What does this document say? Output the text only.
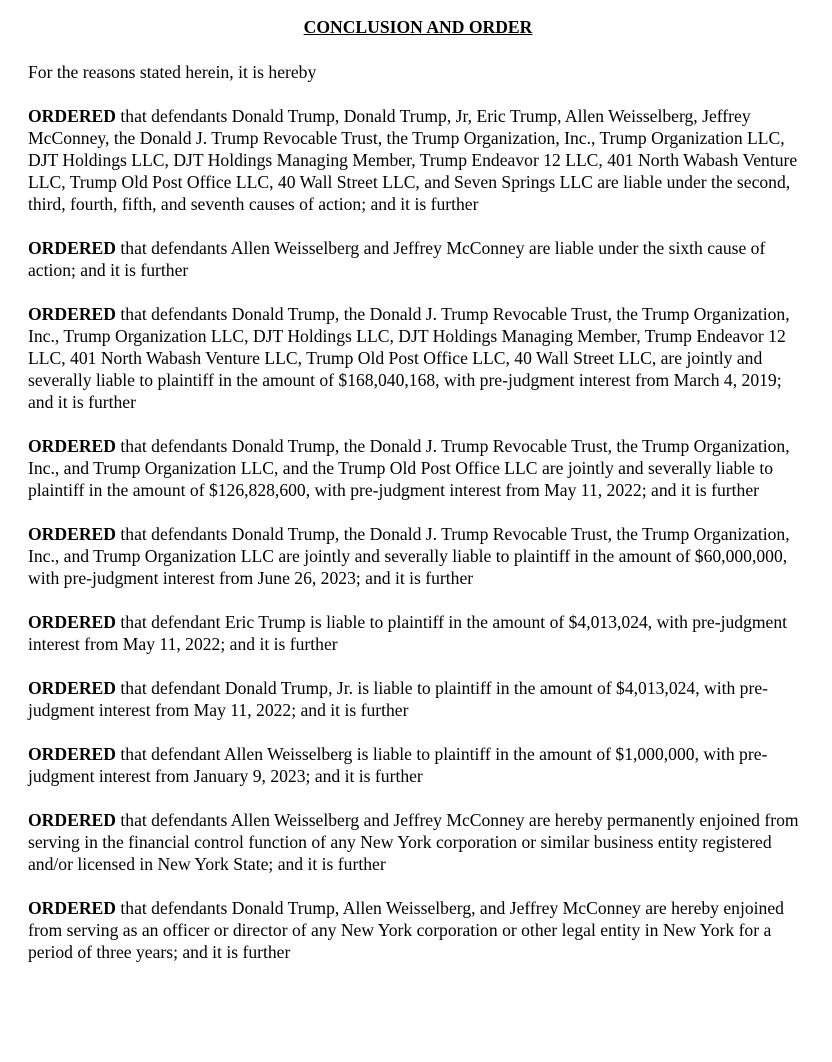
CONCLUSION AND ORDER
For the reasons stated herein, it is hereby
ORDERED that defendants Donald Trump, Donald Trump, Jr, Eric Trump, Allen Weisselberg, Jeffrey McConney, the Donald J. Trump Revocable Trust, the Trump Organization, Inc., Trump Organization LLC, DJT Holdings LLC, DJT Holdings Managing Member, Trump Endeavor 12 LLC, 401 North Wabash Venture LLC, Trump Old Post Office LLC, 40 Wall Street LLC, and Seven Springs LLC are liable under the second, third, fourth, fifth, and seventh causes of action; and it is further
ORDERED that defendants Allen Weisselberg and Jeffrey McConney are liable under the sixth cause of action; and it is further
ORDERED that defendants Donald Trump, the Donald J. Trump Revocable Trust, the Trump Organization, Inc., Trump Organization LLC, DJT Holdings LLC, DJT Holdings Managing Member, Trump Endeavor 12 LLC, 401 North Wabash Venture LLC, Trump Old Post Office LLC, 40 Wall Street LLC, are jointly and severally liable to plaintiff in the amount of $168,040,168, with pre-judgment interest from March 4, 2019; and it is further
ORDERED that defendants Donald Trump, the Donald J. Trump Revocable Trust, the Trump Organization, Inc., and Trump Organization LLC, and the Trump Old Post Office LLC are jointly and severally liable to plaintiff in the amount of $126,828,600, with pre-judgment interest from May 11, 2022; and it is further
ORDERED that defendants Donald Trump, the Donald J. Trump Revocable Trust, the Trump Organization, Inc., and Trump Organization LLC are jointly and severally liable to plaintiff in the amount of $60,000,000, with pre-judgment interest from June 26, 2023; and it is further
ORDERED that defendant Eric Trump is liable to plaintiff in the amount of $4,013,024, with pre-judgment interest from May 11, 2022; and it is further
ORDERED that defendant Donald Trump, Jr. is liable to plaintiff in the amount of $4,013,024, with pre-judgment interest from May 11, 2022; and it is further
ORDERED that defendant Allen Weisselberg is liable to plaintiff in the amount of $1,000,000, with pre-judgment interest from January 9, 2023; and it is further
ORDERED that defendants Allen Weisselberg and Jeffrey McConney are hereby permanently enjoined from serving in the financial control function of any New York corporation or similar business entity registered and/or licensed in New York State; and it is further
ORDERED that defendants Donald Trump, Allen Weisselberg, and Jeffrey McConney are hereby enjoined from serving as an officer or director of any New York corporation or other legal entity in New York for a period of three years; and it is further
